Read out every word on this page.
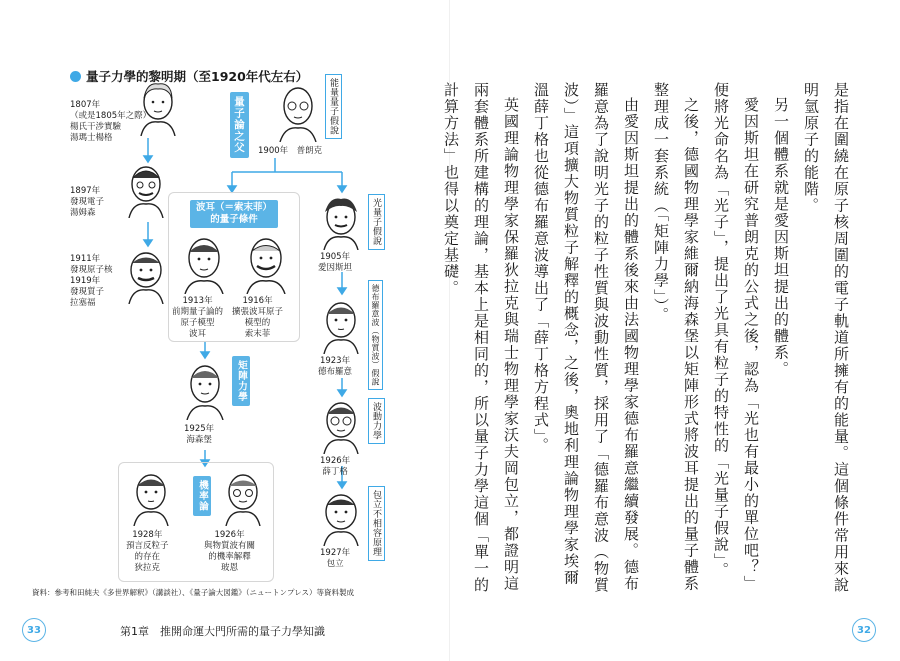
量子力學的黎明期（至1920年代左右）
1807年
（或是1805年之際）
楊氏干涉實驗
湯瑪士楊格
1897年
發現電子
湯姆森
1911年
發現原子核
1919年
發現質子
拉塞福
1900年　普朗克
1905年
愛因斯坦
1913年
前期量子論的
原子模型
波耳
1916年
擴張波耳原子
模型的
索末菲
1923年
德布羅意
1925年
海森堡
1926年
薛丁格
1928年
預言反粒子
的存在
狄拉克
1926年
與物質波有關
的機率解釋
玻恩
1927年
包立
量子論之父	能量量子假說
光量子假說
德布羅意波（物質波）假說
矩陣力學
波動力學
包立不相容原理
機率論
波耳（＝索末菲）
的量子條件
資料：參考和田純夫《多世界解釈》（講談社）、《量子論大図鑑》（ニュートンプレス）等資料製成
33	第1章　推開命運大門所需的量子力學知識

是指在圍繞在原子核周圍的電子軌道所擁有的能量。這個條件常用來說明氫原子的能階。

另一個體系就是愛因斯坦提出的體系。

愛因斯坦在研究普朗克的公式之後，認為「光也有最小的單位吧？」便將光命名為「光子」，提出了光具有粒子的特性的「光量子假說」。

之後，德國物理學家維爾納海森堡以矩陣形式將波耳提出的量子體系整理成一套系統（「矩陣力學」）。

由愛因斯坦提出的體系後來由法國物理學家德布羅意繼續發展。德布羅意為了說明光子的粒子性質與波動性質，採用了「德羅布意波（物質波）」這項擴大物質粒子解釋的概念，之後，奧地利理論物理學家埃爾溫薛丁格也從德布羅意波導出了「薛丁格方程式」。

英國理論物理學家保羅狄拉克與瑞士物理學家沃夫岡包立，都證明這兩套體系所建構的理論，基本上是相同的，所以量子力學這個「單一的計算方法」也得以奠定基礎。

32
